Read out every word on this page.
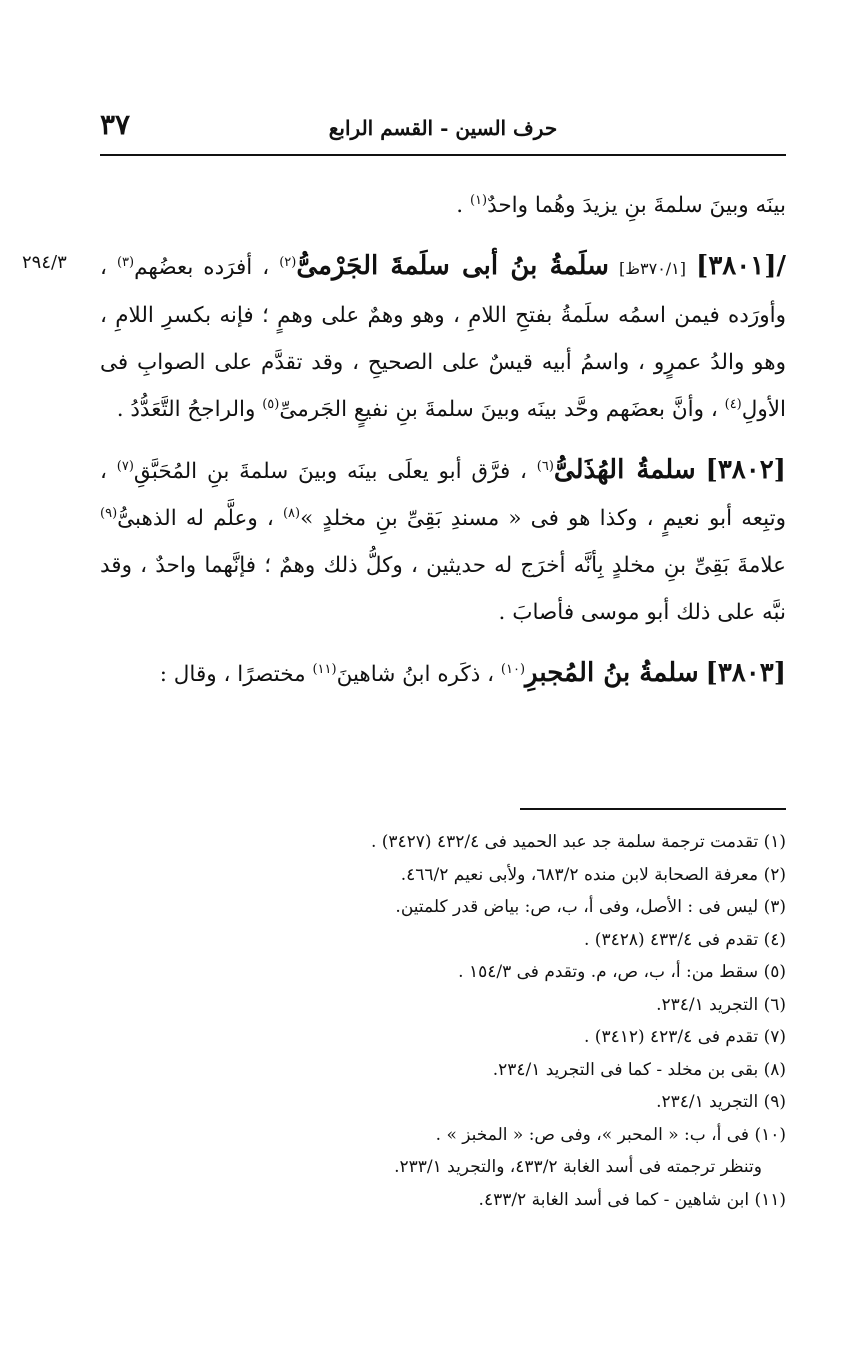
٣٧	حرف السين - القسم الرابع
٢٩٤/٣

بينَه وبينَ سلمةَ بنِ يزيدَ وهُما واحدٌ$^{(١)}$ .

/[٣٨٠١] [٣٧٠/١ظ] سلَمةُ بنُ أبى سلَمةَ الجَرْمىُّ$^{(٢)}$ ، أفرَده بعضُهم$^{(٣)}$ ، وأورَده فيمن اسمُه سلَمةُ بفتحِ اللامِ ، وهو وهمٌ على وهمٍ ؛ فإنه بكسرِ اللامِ ، وهو والدُ عمرٍو ، واسمُ أبيه قيسٌ على الصحيحِ ، وقد تقدَّم على الصوابِ فى الأولِ$^{(٤)}$ ، وأنَّ بعضَهم وحَّد بينَه وبينَ سلمةَ بنِ نفيعٍ الجَرمىِّ$^{(٥)}$ والراجحُ التَّعَدُّدُ .

[٣٨٠٢] سلمةُ الهُذَلىُّ$^{(٦)}$ ، فرَّق أبو يعلَى بينَه وبينَ سلمةَ بنِ المُحَبَّقِ$^{(٧)}$ ، وتبِعه أبو نعيمٍ ، وكذا هو فى « مسندِ بَقِىِّ بنِ مخلدٍ »$^{(٨)}$ ، وعلَّم له الذهبىُّ$^{(٩)}$ علامةَ بَقِىِّ بنِ مخلدٍ بِأنَّه أخرَج له حديثين ، وكلُّ ذلك وهمٌ ؛ فإنَّهما واحدٌ ، وقد نبَّه على ذلك أبو موسى فأصابَ .

[٣٨٠٣] سلمةُ بنُ المُجبرِ$^{(١٠)}$ ، ذكَره ابنُ شاهينَ$^{(١١)}$ مختصرًا ، وقال :

(١) تقدمت ترجمة سلمة جد عبد الحميد فى ٤٣٢/٤ (٣٤٢٧) .
(٢) معرفة الصحابة لابن منده ٦٨٣/٢، ولأبى نعيم ٤٦٦/٢.
(٣) ليس فى : الأصل، وفى أ، ب، ص: بياض قدر كلمتين.
(٤) تقدم فى ٤٣٣/٤ (٣٤٢٨) .
(٥) سقط من: أ، ب، ص، م. وتقدم فى ١٥٤/٣ .
(٦) التجريد ٢٣٤/١.
(٧) تقدم فى ٤٢٣/٤ (٣٤١٢) .
(٨) بقى بن مخلد - كما فى التجريد ٢٣٤/١.
(٩) التجريد ٢٣٤/١.
(١٠) فى أ، ب: « المحبر »، وفى ص: « المخبز » .
وتنظر ترجمته فى أسد الغابة ٤٣٣/٢، والتجريد ٢٣٣/١.
(١١) ابن شاهين - كما فى أسد الغابة ٤٣٣/٢.
